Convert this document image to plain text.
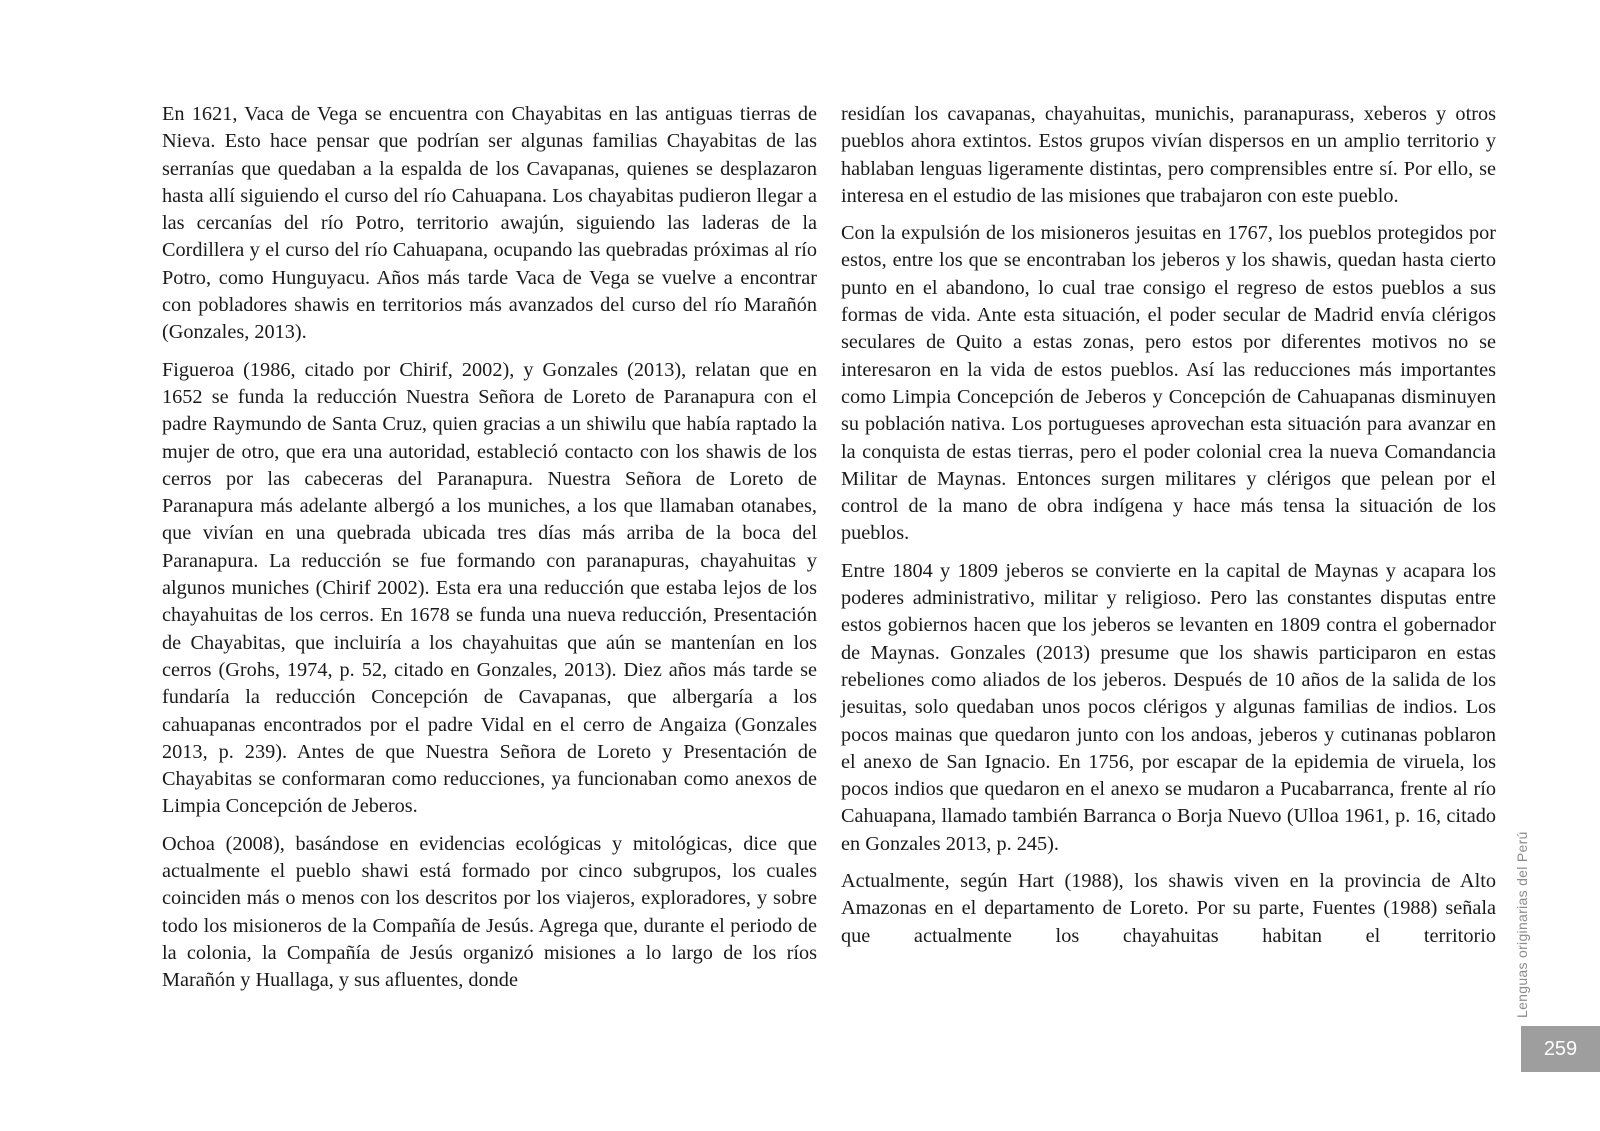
En 1621, Vaca de Vega se encuentra con Chayabitas en las antiguas tierras de Nieva. Esto hace pensar que podrían ser algunas familias Chayabitas de las serranías que quedaban a la espalda de los Cavapanas, quienes se desplazaron hasta allí siguiendo el curso del río Cahuapana. Los chayabitas pudieron llegar a las cercanías del río Potro, territorio awajún, siguiendo las laderas de la Cordillera y el curso del río Cahuapana, ocupando las quebradas próximas al río Potro, como Hunguyacu. Años más tarde Vaca de Vega se vuelve a encontrar con pobladores shawis en territorios más avanzados del curso del río Marañón (Gonzales, 2013).

Figueroa (1986, citado por Chirif, 2002), y Gonzales (2013), relatan que en 1652 se funda la reducción Nuestra Señora de Loreto de Paranapura con el padre Raymundo de Santa Cruz, quien gracias a un shiwilu que había raptado la mujer de otro, que era una autoridad, estableció contacto con los shawis de los cerros por las cabeceras del Paranapura. Nuestra Señora de Loreto de Paranapura más adelante albergó a los muniches, a los que llamaban otanabes, que vivían en una quebrada ubicada tres días más arriba de la boca del Paranapura. La reducción se fue formando con paranapuras, chayahuitas y algunos muniches (Chirif 2002). Esta era una reducción que estaba lejos de los chayahuitas de los cerros. En 1678 se funda una nueva reducción, Presentación de Chayabitas, que incluiría a los chayahuitas que aún se mantenían en los cerros (Grohs, 1974, p. 52, citado en Gonzales, 2013). Diez años más tarde se fundaría la reducción Concepción de Cavapanas, que albergaría a los cahuapanas encontrados por el padre Vidal en el cerro de Angaiza (Gonzales 2013, p. 239). Antes de que Nuestra Señora de Loreto y Presentación de Chayabitas se conformaran como reducciones, ya funcionaban como anexos de Limpia Concepción de Jeberos.

Ochoa (2008), basándose en evidencias ecológicas y mitológicas, dice que actualmente el pueblo shawi está formado por cinco subgrupos, los cuales coinciden más o menos con los descritos por los viajeros, exploradores, y sobre todo los misioneros de la Compañía de Jesús. Agrega que, durante el periodo de la colonia, la Compañía de Jesús organizó misiones a lo largo de los ríos Marañón y Huallaga, y sus afluentes, donde

residían los cavapanas, chayahuitas, munichis, paranapurass, xeberos y otros pueblos ahora extintos. Estos grupos vivían dispersos en un amplio territorio y hablaban lenguas ligeramente distintas, pero comprensibles entre sí. Por ello, se interesa en el estudio de las misiones que trabajaron con este pueblo.

Con la expulsión de los misioneros jesuitas en 1767, los pueblos protegidos por estos, entre los que se encontraban los jeberos y los shawis, quedan hasta cierto punto en el abandono, lo cual trae consigo el regreso de estos pueblos a sus formas de vida. Ante esta situación, el poder secular de Madrid envía clérigos seculares de Quito a estas zonas, pero estos por diferentes motivos no se interesaron en la vida de estos pueblos. Así las reducciones más importantes como Limpia Concepción de Jeberos y Concepción de Cahuapanas disminuyen su población nativa. Los portugueses aprovechan esta situación para avanzar en la conquista de estas tierras, pero el poder colonial crea la nueva Comandancia Militar de Maynas. Entonces surgen militares y clérigos que pelean por el control de la mano de obra indígena y hace más tensa la situación de los pueblos.

Entre 1804 y 1809 jeberos se convierte en la capital de Maynas y acapara los poderes administrativo, militar y religioso. Pero las constantes disputas entre estos gobiernos hacen que los jeberos se levanten en 1809 contra el gobernador de Maynas. Gonzales (2013) presume que los shawis participaron en estas rebeliones como aliados de los jeberos. Después de 10 años de la salida de los jesuitas, solo quedaban unos pocos clérigos y algunas familias de indios. Los pocos mainas que quedaron junto con los andoas, jeberos y cutinanas poblaron el anexo de San Ignacio. En 1756, por escapar de la epidemia de viruela, los pocos indios que quedaron en el anexo se mudaron a Pucabarranca, frente al río Cahuapana, llamado también Barranca o Borja Nuevo (Ulloa 1961, p. 16, citado en Gonzales 2013, p. 245).

Actualmente, según Hart (1988), los shawis viven en la provincia de Alto Amazonas en el departamento de Loreto. Por su parte, Fuentes (1988) señala que actualmente los chayahuitas habitan el territorio Lenguas originarias del Perú
259
